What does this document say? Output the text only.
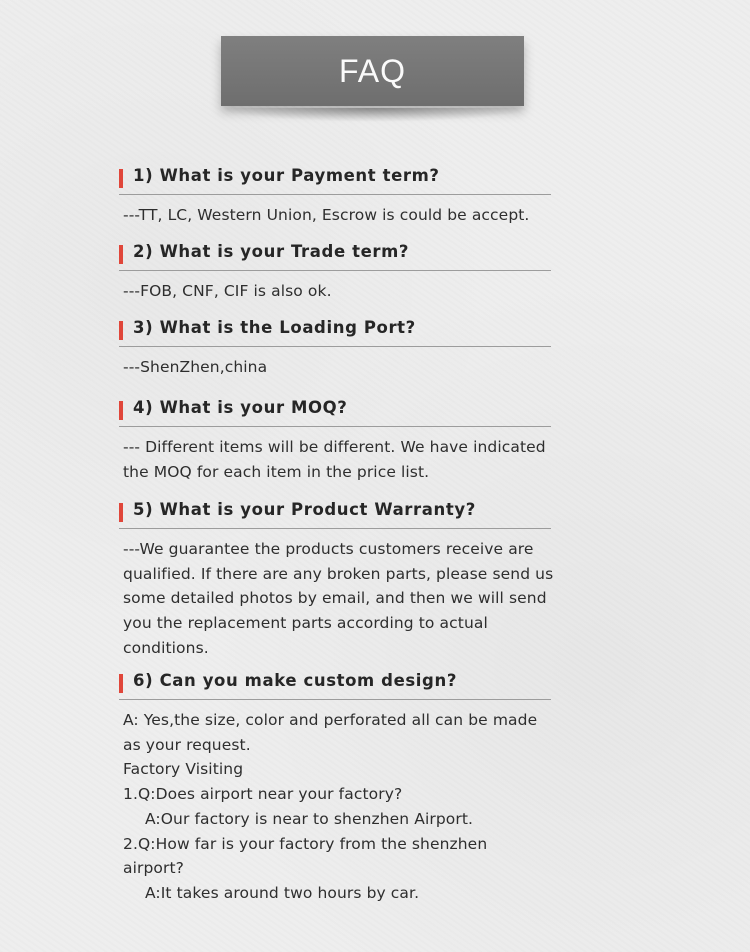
FAQ
1) What is your Payment term?
---TT, LC, Western Union, Escrow is could be accept.
2) What is your Trade term?
---FOB, CNF, CIF is also ok.
3) What is the Loading Port?
---ShenZhen,china
4) What is your MOQ?
--- Different items will be different. We have indicated
the MOQ for each item in the price list.
5) What is your Product Warranty?
---We guarantee the products customers receive are
qualified. If there are any broken parts, please send us
some detailed photos by email, and then we will send
you the replacement parts according to actual
conditions.
6) Can you make custom design?
A: Yes,the size, color and perforated all can be made
as your request.
Factory Visiting
1.Q:Does airport near your factory?
A:Our factory is near to shenzhen Airport.
2.Q:How far is your factory from the shenzhen
airport?
A:It takes around two hours by car.
